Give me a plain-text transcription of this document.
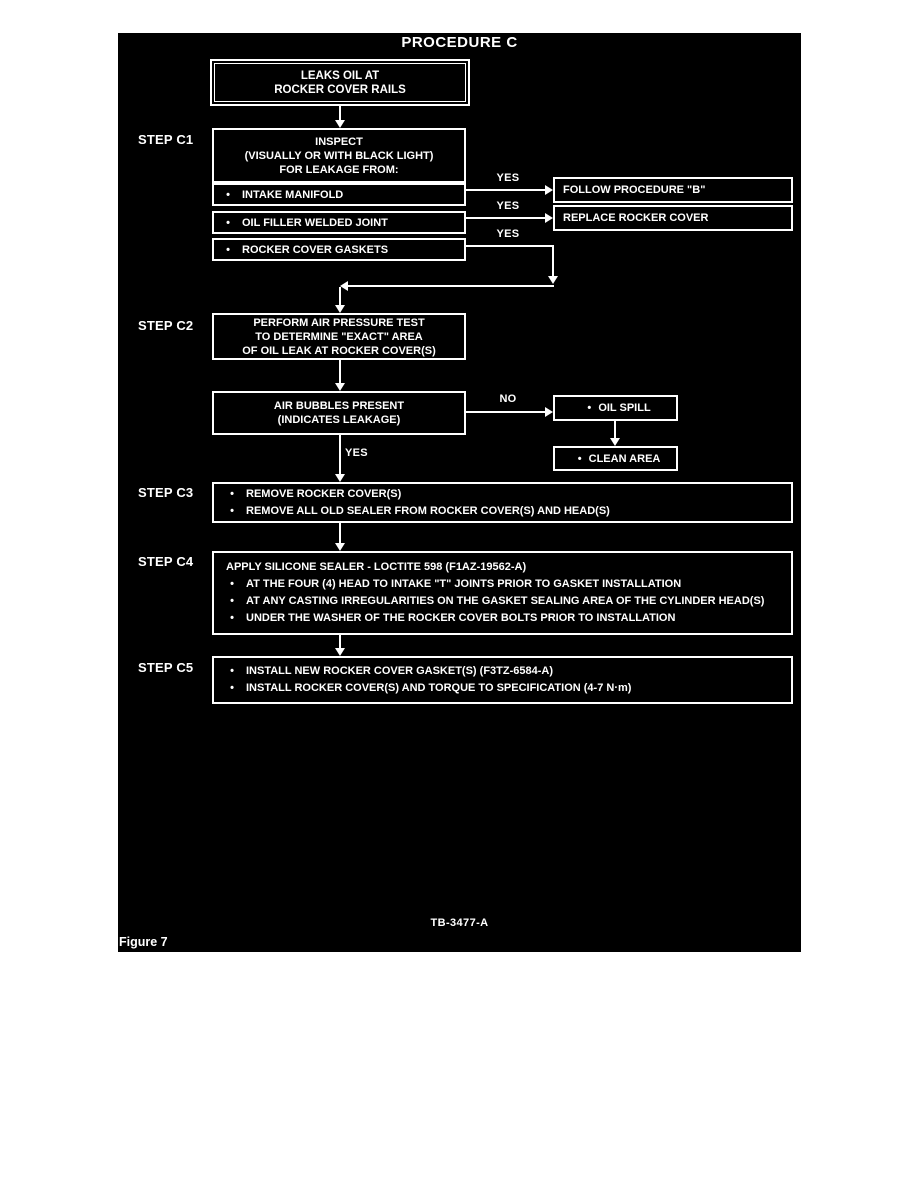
PROCEDURE C
LEAKS OIL AT
ROCKER COVER RAILS
STEP C1	INSPECT
(VISUALLY OR WITH BLACK LIGHT)
FOR LEAKAGE FROM:
•	INTAKE MANIFOLD
•	OIL FILLER WELDED JOINT
•	ROCKER COVER GASKETS
YES
YES
YES
FOLLOW PROCEDURE "B"
REPLACE ROCKER COVER
STEP C2	PERFORM AIR PRESSURE TEST
TO DETERMINE "EXACT" AREA
OF OIL LEAK AT ROCKER COVER(S)
AIR BUBBLES PRESENT
(INDICATES LEAKAGE)
NO
• OIL SPILL
• CLEAN AREA
YES
STEP C3	•	REMOVE ROCKER COVER(S)
•	REMOVE ALL OLD SEALER FROM ROCKER COVER(S) AND HEAD(S)
STEP C4	APPLY SILICONE SEALER - LOCTITE 598 (F1AZ-19562-A)
•	AT THE FOUR (4) HEAD TO INTAKE "T" JOINTS PRIOR TO GASKET INSTALLATION
•	AT ANY CASTING IRREGULARITIES ON THE GASKET SEALING AREA OF THE CYLINDER HEAD(S)
•	UNDER THE WASHER OF THE ROCKER COVER BOLTS PRIOR TO INSTALLATION
STEP C5	•	INSTALL NEW ROCKER COVER GASKET(S) (F3TZ-6584-A)
•	INSTALL ROCKER COVER(S) AND TORQUE TO SPECIFICATION (4-7 N·m)
TB-3477-A
Figure 7
